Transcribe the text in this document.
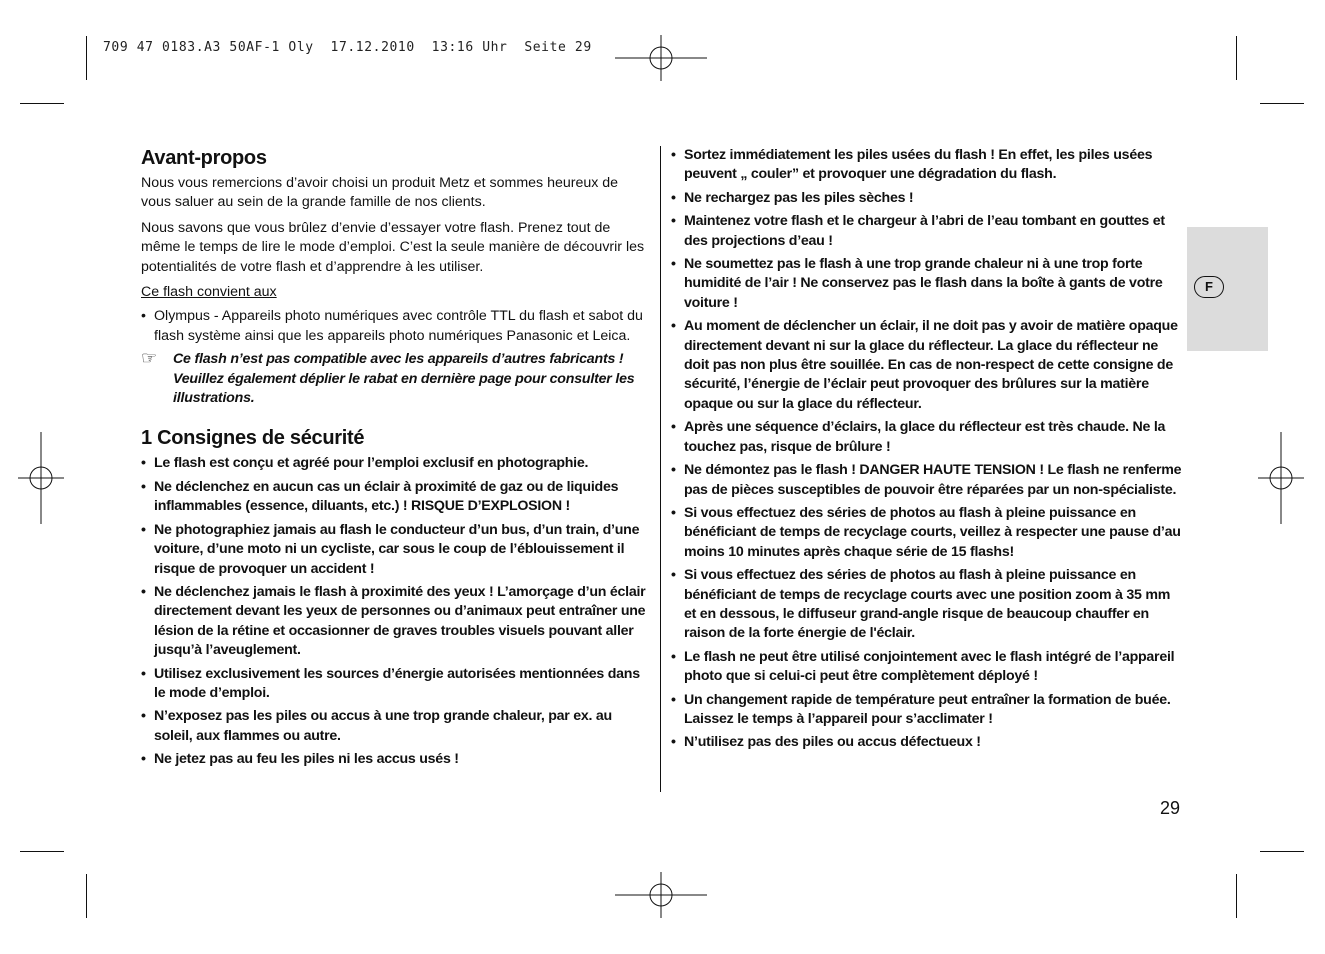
709 47 0183.A3 50AF-1 Oly  17.12.2010  13:16 Uhr  Seite 29
Avant-propos

Nous vous remercions d’avoir choisi un produit Metz et sommes heureux de vous saluer au sein de la grande famille de nos clients.

Nous savons que vous brûlez d’envie d’essayer votre flash. Prenez tout de même le temps de lire le mode d’emploi. C’est la seule manière de découvrir les potentialités de votre flash et d’apprendre à les utiliser.

Ce flash convient aux

• Olympus - Appareils photo numériques avec contrôle TTL du flash et sabot du flash système ainsi que les appareils photo numériques Panasonic et Leica.
☞ Ce flash n’est pas compatible avec les appareils d’autres fabricants ! Veuillez également déplier le rabat en dernière page pour consulter les illustrations.
1 Consignes de sécurité
• Le flash est conçu et agréé pour l’emploi exclusif en photographie.
• Ne déclenchez en aucun cas un éclair à proximité de gaz ou de liquides inflammables (essence, diluants, etc.) ! RISQUE D’EXPLOSION !
• Ne photographiez jamais au flash le conducteur d’un bus, d’un train, d’une voiture, d’une moto ni un cycliste, car sous le coup de l’éblouissement il risque de provoquer un accident !
• Ne déclenchez jamais le flash à proximité des yeux ! L’amorçage d’un éclair directement devant les yeux de personnes ou d’animaux peut entraîner une lésion de la rétine et occasionner de graves troubles visuels pouvant aller jusqu’à l’aveuglement.
• Utilisez exclusivement les sources d’énergie autorisées mentionnées dans le mode d’emploi.
• N’exposez pas les piles ou accus à une trop grande chaleur, par ex. au soleil, aux flammes ou autre.
• Ne jetez pas au feu les piles ni les accus usés !
• Sortez immédiatement les piles usées du flash ! En effet, les piles usées peuvent „ couler” et provoquer une dégradation du flash.
• Ne rechargez pas les piles sèches !
• Maintenez votre flash et le chargeur à l’abri de l’eau tombant en gouttes et des projections d’eau !
• Ne soumettez pas le flash à une trop grande chaleur ni à une trop forte humidité de l’air ! Ne conservez pas le flash dans la boîte à gants de votre voiture !
• Au moment de déclencher un éclair, il ne doit pas y avoir de matière opaque directement devant ni sur la glace du réflecteur. La glace du réflecteur ne doit pas non plus être souillée. En cas de non-respect de cette consigne de sécurité, l’énergie de l’éclair peut provoquer des brûlures sur la matière opaque ou sur la glace du réflecteur.
• Après une séquence d’éclairs, la glace du réflecteur est très chaude. Ne la touchez pas, risque de brûlure !
• Ne démontez pas le flash ! DANGER HAUTE TENSION ! Le flash ne renferme pas de pièces susceptibles de pouvoir être réparées par un non-spécialiste.
• Si vous effectuez des séries de photos au flash à pleine puissance en bénéficiant de temps de recyclage courts, veillez à respecter une pause d’au moins 10 minutes après chaque série de 15 flashs!
• Si vous effectuez des séries de photos au flash à pleine puissance en bénéficiant de temps de recyclage courts avec une position zoom à 35 mm et en dessous, le diffuseur grand-angle risque de beaucoup chauffer en raison de la forte énergie de l'éclair.
• Le flash ne peut être utilisé conjointement avec le flash intégré de l’appareil photo que si celui-ci peut être complètement déployé !
• Un changement rapide de température peut entraîner la formation de buée. Laissez le temps à l’appareil pour s’acclimater !
• N’utilisez pas des piles ou accus défectueux !
F
29
